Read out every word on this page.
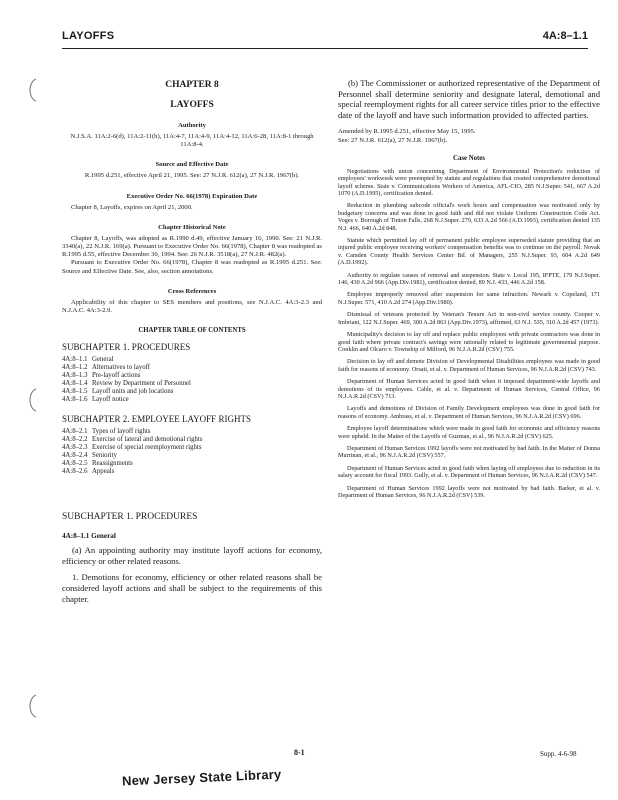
LAYOFFS	4A:8–1.1
CHAPTER 8
LAYOFFS
Authority

N.J.S.A. 11A:2-6(d), 11A:2-11(h), 11A:4-7, 11A:4-9, 11A:4-12, 11A:6-28, 11A:8-1 through 11A:8-4.

Source and Effective Date

R.1995 d.251, effective April 21, 1995. See: 27 N.J.R. 612(a), 27 N.J.R. 1967(b).

Executive Order No. 66(1978) Expiration Date

Chapter 8, Layoffs, expires on April 21, 2000.

Chapter Historical Note

Chapter 8, Layoffs, was adopted as R.1990 d.49, effective January 16, 1990. See: 21 N.J.R. 3340(a), 22 N.J.R. 169(a). Pursuant to Executive Order No. 66(1978), Chapter 8 was readopted as R.1995 d.55, effective December 30, 1994. See: 26 N.J.R. 3518(a), 27 N.J.R. 482(a).

Pursuant to Executive Order No. 66(1978), Chapter 8 was readopted as R.1995 d.251. See: Source and Effective Date. See, also, section annotations.

Cross References

Applicability of this chapter to SES members and positions, see N.J.A.C. 4A:3-2.3 and N.J.A.C. 4A:3-2.9.

CHAPTER TABLE OF CONTENTS
SUBCHAPTER 1. PROCEDURES
4A:8–1.1 General
4A:8–1.2 Alternatives to layoff
4A:8–1.3 Pre-layoff actions
4A:8–1.4 Review by Department of Personnel
4A:8–1.5 Layoff units and job locations
4A:8–1.6 Layoff notice
SUBCHAPTER 2. EMPLOYEE LAYOFF RIGHTS
4A:8–2.1 Types of layoff rights
4A:8–2.2 Exercise of lateral and demotional rights
4A:8–2.3 Exercise of special reemployment rights
4A:8–2.4 Seniority
4A:8–2.5 Reassignments
4A:8–2.6 Appeals
SUBCHAPTER 1. PROCEDURES
4A:8–1.1 General

(a) An appointing authority may institute layoff actions for economy, efficiency or other related reasons.

1. Demotions for economy, efficiency or other related reasons shall be considered layoff actions and shall be subject to the requirements of this chapter.

(b) The Commissioner or authorized representative of the Department of Personnel shall determine seniority and designate lateral, demotional and special reemployment rights for all career service titles prior to the effective date of the layoff and have such information provided to affected parties.

Amended by R.1995 d.251, effective May 15, 1995.
See: 27 N.J.R. 612(a), 27 N.J.R. 1967(b).
Case Notes

Negotiations with union concerning Department of Environmental Protection's reduction of employees' workweek were preempted by statute and regulations that created comprehensive demotional layoff scheme. State v. Communications Workers of America, AFL-CIO, 285 N.J.Super. 541, 667 A.2d 1070 (A.D.1995), certification denied.

Reduction in plumbing subcode official's work hours and compensation was motivated only by budgetary concerns and was done in good faith and did not violate Uniform Construction Code Act. Voges v. Borough of Tinton Falls, 268 N.J.Super. 279, 633 A.2d 566 (A.D.1993), certification denied 135 N.J. 466, 640 A.2d 848.

Statute which permitted lay off of permanent public employee superseded statute providing that an injured public employee receiving workers' compensation benefits was to continue on the payroll. Novak v. Camden County Health Services Center Bd. of Managers, 255 N.J.Super. 93, 604 A.2d 649 (A.D.1992).

Authority to regulate causes of removal and suspension. State v. Local 195, IFPTE, 179 N.J.Super. 146, 430 A.2d 966 (App.Div.1981), certification denied, 89 N.J. 433, 446 A.2d 158.

Employee improperly removed after suspension for same infraction. Newark v. Copeland, 171 N.J.Super. 571, 410 A.2d 274 (App.Div.1980).

Dismissal of veterans protected by Veteran's Tenure Act in non-civil service county. Cooper v. Imbriani, 122 N.J.Super. 469, 300 A.2d 863 (App.Div.1973), affirmed, 63 N.J. 535, 310 A.2d 457 (1973).

Municipality's decision to lay off and replace public employees with private contractors was done in good faith where private contract's savings were rationally related to legitimate governmental purpose. Conklin and Olcaro v. Township of Milford, 96 N.J.A.R.2d (CSV) 755.

Decision to lay off and demote Division of Developmental Disabilities employees was made in good faith for reasons of economy. Orsati, et al. v. Department of Human Services, 96 N.J.A.R.2d (CSV) 743.

Department of Human Services acted in good faith when it imposed department-wide layoffs and demotions of its employees. Cable, et al. v. Department of Human Services, Central Office, 96 N.J.A.R.2d (CSV) 713.

Layoffs and demotions of Division of Family Development employees was done in good faith for reasons of economy. Ambrass, et al. v. Department of Human Services, 96 N.J.A.R.2d (CSV) 696.

Employee layoff determinations which were made in good faith for economic and efficiency reasons were upheld. In the Matter of the Layoffs of Guzman, et al., 96 N.J.A.R.2d (CSV) 625.

Department of Human Services 1992 layoffs were not motivated by bad faith. In the Matter of Donna Murrinan, et al., 96 N.J.A.R.2d (CSV) 557.

Department of Human Services acted in good faith when laying off employees due to reduction in its salary account for fiscal 1993. Gully, et al. v. Department of Human Services, 96 N.J.A.R.2d (CSV) 547.

Department of Human Services 1992 layoffs were not motivated by bad faith. Barker, et al. v. Department of Human Services, 96 N.J.A.R.2d (CSV) 539.

8-1	Supp. 4-6-98
New Jersey State Library
